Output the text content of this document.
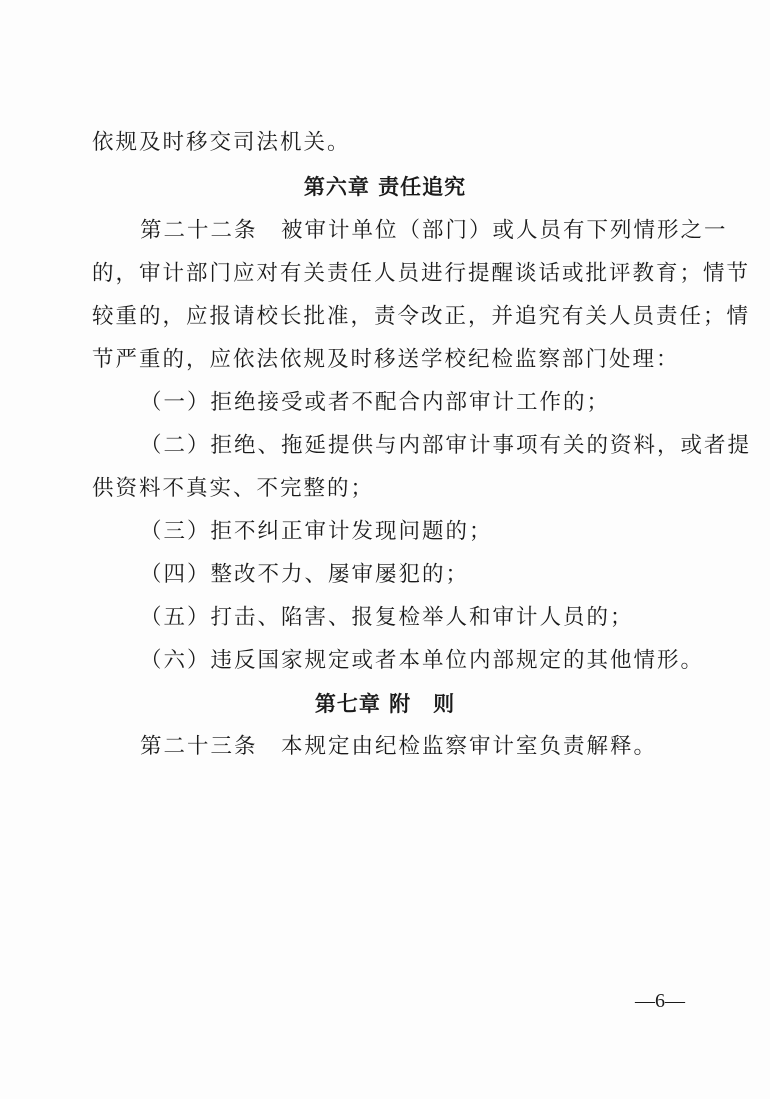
依规及时移交司法机关。
第六章 责任追究
第二十二条　被审计单位（部门）或人员有下列情形之一
的，审计部门应对有关责任人员进行提醒谈话或批评教育；情节
较重的，应报请校长批准，责令改正，并追究有关人员责任；情
节严重的，应依法依规及时移送学校纪检监察部门处理：
（一）拒绝接受或者不配合内部审计工作的；
（二）拒绝、拖延提供与内部审计事项有关的资料，或者提
供资料不真实、不完整的；
（三）拒不纠正审计发现问题的；
（四）整改不力、屡审屡犯的；
（五）打击、陷害、报复检举人和审计人员的；
（六）违反国家规定或者本单位内部规定的其他情形。
第七章 附　则
第二十三条　本规定由纪检监察审计室负责解释。
—6—
